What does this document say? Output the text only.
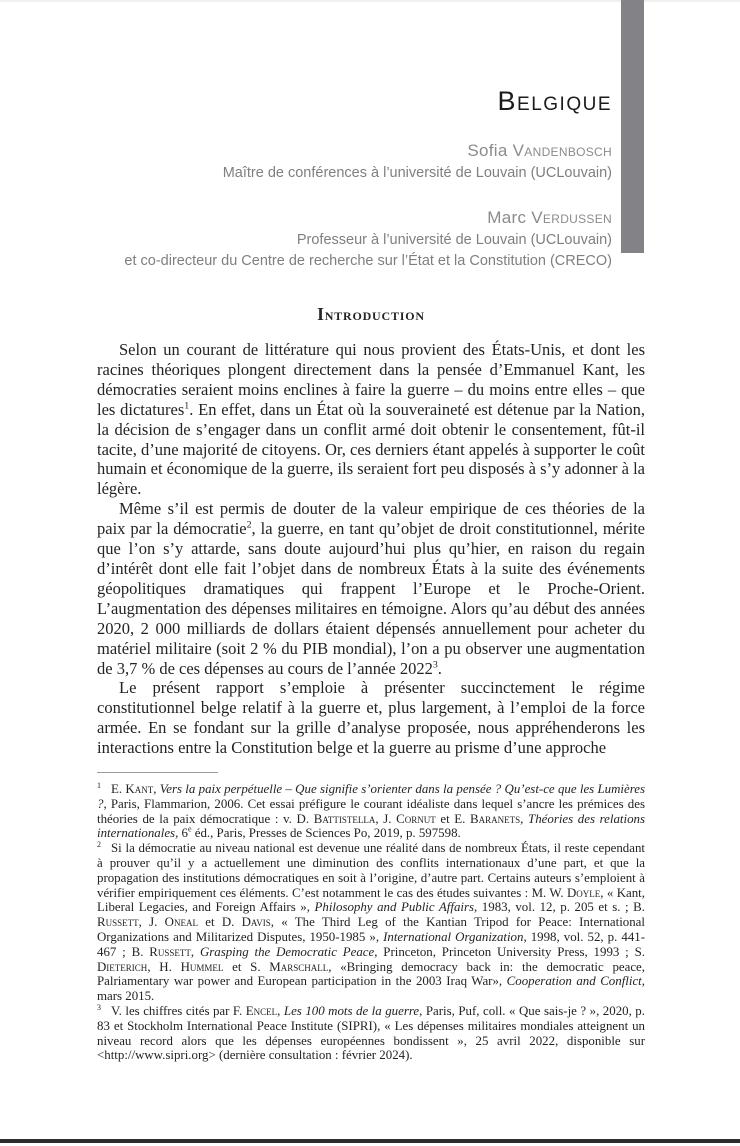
Belgique
Sofia Vandenbosch
Maître de conférences à l’université de Louvain (UCLouvain)
Marc Verdussen
Professeur à l’université de Louvain (UCLouvain)
et co-directeur du Centre de recherche sur l’État et la Constitution (CRECO)
Introduction

Selon un courant de littérature qui nous provient des États-Unis, et dont les racines théoriques plongent directement dans la pensée d’Emmanuel Kant, les démocraties seraient moins enclines à faire la guerre – du moins entre elles – que les dictatures$^1$. En effet, dans un État où la souveraineté est détenue par la Nation, la décision de s’engager dans un conflit armé doit obtenir le consentement, fût-il tacite, d’une majorité de citoyens. Or, ces derniers étant appelés à supporter le coût humain et économique de la guerre, ils seraient fort peu disposés à s’y adonner à la légère.

Même s’il est permis de douter de la valeur empirique de ces théories de la paix par la démocratie$^2$, la guerre, en tant qu’objet de droit constitutionnel, mérite que l’on s’y attarde, sans doute aujourd’hui plus qu’hier, en raison du regain d’intérêt dont elle fait l’objet dans de nombreux États à la suite des événements géopolitiques dramatiques qui frappent l’Europe et le Proche-Orient. L’augmentation des dépenses militaires en témoigne. Alors qu’au début des années 2020, 2 000 milliards de dollars étaient dépensés annuellement pour acheter du matériel militaire (soit 2 % du PIB mondial), l’on a pu observer une augmentation de 3,7 % de ces dépenses au cours de l’année 2022$^3$.

Le présent rapport s’emploie à présenter succinctement le régime constitutionnel belge relatif à la guerre et, plus largement, à l’emploi de la force armée. En se fondant sur la grille d’analyse proposée, nous appréhenderons les interactions entre la Constitution belge et la guerre au prisme d’une approche

$^1$ E. Kant, Vers la paix perpétuelle – Que signifie s’orienter dans la pensée ? Qu’est-ce que les Lumières ?, Paris, Flammarion, 2006. Cet essai préfigure le courant idéaliste dans lequel s’ancre les prémices des théories de la paix démocratique : v. D. Battistella, J. Cornut et E. Baranets, Théories des relations internationales, 6e éd., Paris, Presses de Sciences Po, 2019, p. 597598.

$^2$ Si la démocratie au niveau national est devenue une réalité dans de nombreux États, il reste cependant à prouver qu’il y a actuellement une diminution des conflits internationaux d’une part, et que la propagation des institutions démocratiques en soit à l’origine, d’autre part. Certains auteurs s’emploient à vérifier empiriquement ces éléments. C’est notamment le cas des études suivantes : M. W. Doyle, « Kant, Liberal Legacies, and Foreign Affairs », Philosophy and Public Affairs, 1983, vol. 12, p. 205 et s. ; B. Russett, J. Oneal et D. Davis, « The Third Leg of the Kantian Tripod for Peace: International Organizations and Militarized Disputes, 1950-1985 », International Organization, 1998, vol. 52, p. 441-467 ; B. Russett, Grasping the Democratic Peace, Princeton, Princeton University Press, 1993 ; S. Dieterich, H. Hummel et S. Marschall, «Bringing democracy back in: the democratic peace, Palriamentary war power and European participation in the 2003 Iraq War», Cooperation and Conflict, mars 2015.

$^3$ V. les chiffres cités par F. Encel, Les 100 mots de la guerre, Paris, Puf, coll. « Que sais-je ? », 2020, p. 83 et Stockholm International Peace Institute (SIPRI), « Les dépenses militaires mondiales atteignent un niveau record alors que les dépenses européennes bondissent », 25 avril 2022, disponible sur <http://www.sipri.org> (dernière consultation : février 2024).
